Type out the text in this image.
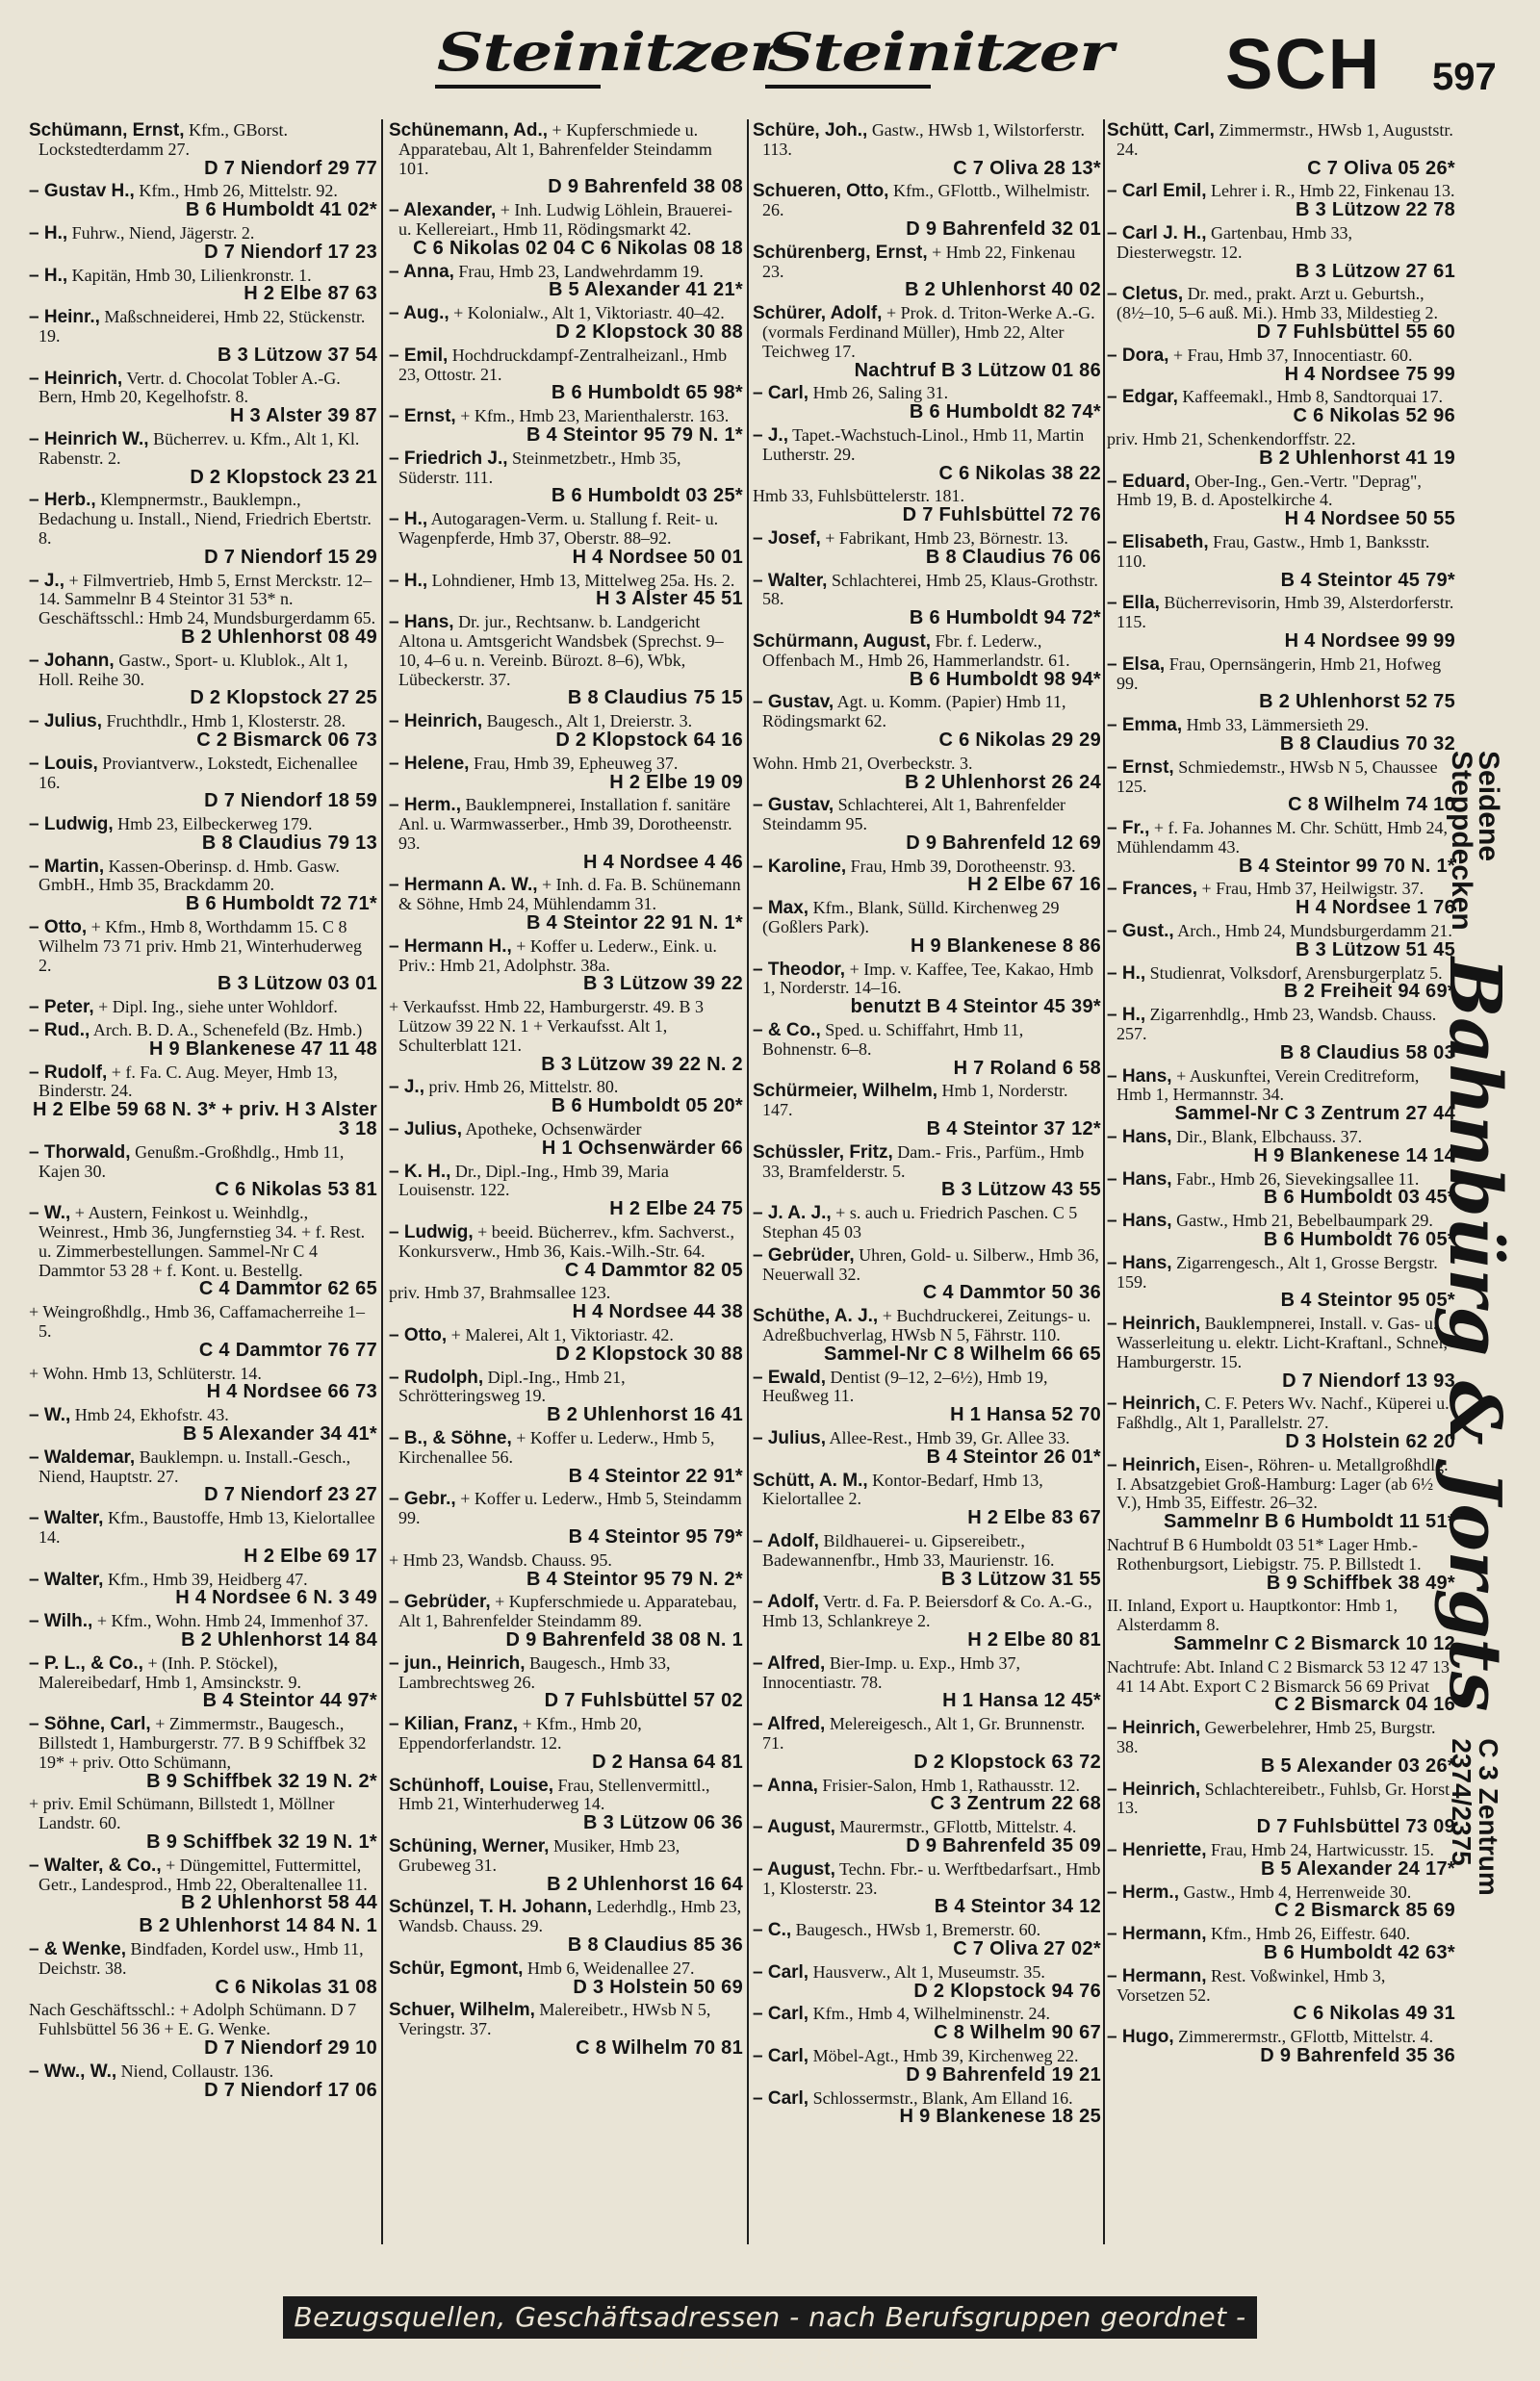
Steinitzer
Steinitzer SCH 597
Schümann, Ernst, Kfm., GBorst. Lockstedterdamm 27.
D 7 Niendorf 29 77
– Gustav H., Kfm., Hmb 26, Mittelstr. 92.
B 6 Humboldt 41 02*
– H., Fuhrw., Niend, Jägerstr. 2.
D 7 Niendorf 17 23
– H., Kapitän, Hmb 30, Lilienkronstr. 1.
H 2 Elbe 87 63
– Heinr., Maßschneiderei, Hmb 22, Stückenstr. 19.
B 3 Lützow 37 54
– Heinrich, Vertr. d. Chocolat Tobler A.-G. Bern, Hmb 20, Kegelhofstr. 8.
H 3 Alster 39 87
– Heinrich W., Bücherrev. u. Kfm., Alt 1, Kl. Rabenstr. 2.
D 2 Klopstock 23 21
– Herb., Klempnermstr., Bauklempn., Bedachung u. Install., Niend, Friedrich Ebertstr. 8.
D 7 Niendorf 15 29
– J., + Filmvertrieb, Hmb 5, Ernst Merckstr. 12–14. Sammelnr B 4 Steintor 31 53* n. Geschäftsschl.: Hmb 24, Mundsburgerdamm 65.
B 2 Uhlenhorst 08 49
– Johann, Gastw., Sport- u. Klublok., Alt 1, Holl. Reihe 30.
D 2 Klopstock 27 25
– Julius, Fruchthdlr., Hmb 1, Klosterstr. 28.
C 2 Bismarck 06 73
– Louis, Proviantverw., Lokstedt, Eichenallee 16.
D 7 Niendorf 18 59
– Ludwig, Hmb 23, Eilbeckerweg 179.
B 8 Claudius 79 13
– Martin, Kassen-Oberinsp. d. Hmb. Gasw. GmbH., Hmb 35, Brackdamm 20.
B 6 Humboldt 72 71*
– Otto, + Kfm., Hmb 8, Worthdamm 15. C 8 Wilhelm 73 71 priv. Hmb 21, Winterhuderweg 2.
B 3 Lützow 03 01
– Peter, + Dipl. Ing., siehe unter Wohldorf.
– Rud., Arch. B. D. A., Schenefeld (Bz. Hmb.)
H 9 Blankenese 47 11 48
– Rudolf, + f. Fa. C. Aug. Meyer, Hmb 13, Binderstr. 24.
H 2 Elbe 59 68 N. 3* + priv. H 3 Alster 3 18
– Thorwald, Genußm.-Großhdlg., Hmb 11, Kajen 30.
C 6 Nikolas 53 81
– W., + Austern, Feinkost u. Weinhdlg., Weinrest., Hmb 36, Jungfernstieg 34. + f. Rest. u. Zimmerbestellungen. Sammel-Nr C 4 Dammtor 53 28 + f. Kont. u. Bestellg.
C 4 Dammtor 62 65
+ Weingroßhdlg., Hmb 36, Caffamacherreihe 1–5.
C 4 Dammtor 76 77
+ Wohn. Hmb 13, Schlüterstr. 14.
H 4 Nordsee 66 73
– W., Hmb 24, Ekhofstr. 43.
B 5 Alexander 34 41*
– Waldemar, Bauklempn. u. Install.-Gesch., Niend, Hauptstr. 27.
D 7 Niendorf 23 27
– Walter, Kfm., Baustoffe, Hmb 13, Kielortallee 14.
H 2 Elbe 69 17
– Walter, Kfm., Hmb 39, Heidberg 47.
H 4 Nordsee 6 N. 3 49
– Wilh., + Kfm., Wohn. Hmb 24, Immenhof 37.
B 2 Uhlenhorst 14 84
– P. L., & Co., + (Inh. P. Stöckel), Malereibedarf, Hmb 1, Amsinckstr. 9.
B 4 Steintor 44 97*
– Söhne, Carl, + Zimmermstr., Baugesch., Billstedt 1, Hamburgerstr. 77. B 9 Schiffbek 32 19* + priv. Otto Schümann,
B 9 Schiffbek 32 19 N. 2*
+ priv. Emil Schümann, Billstedt 1, Möllner Landstr. 60.
B 9 Schiffbek 32 19 N. 1*
– Walter, & Co., + Düngemittel, Futtermittel, Getr., Landesprod., Hmb 22, Oberaltenallee 11.
B 2 Uhlenhorst 58 44
B 2 Uhlenhorst 14 84 N. 1
– & Wenke, Bindfaden, Kordel usw., Hmb 11, Deichstr. 38.
C 6 Nikolas 31 08
Nach Geschäftsschl.: + Adolph Schümann. D 7 Fuhlsbüttel 56 36 + E. G. Wenke.
D 7 Niendorf 29 10
– Ww., W., Niend, Collaustr. 136.
D 7 Niendorf 17 06
Schünemann, Ad., + Kupferschmiede u. Apparatebau, Alt 1, Bahrenfelder Steindamm 101.
D 9 Bahrenfeld 38 08
– Alexander, + Inh. Ludwig Löhlein, Brauerei- u. Kellereiart., Hmb 11, Rödingsmarkt 42.
C 6 Nikolas 02 04 C 6 Nikolas 08 18
– Anna, Frau, Hmb 23, Landwehrdamm 19.
B 5 Alexander 41 21*
– Aug., + Kolonialw., Alt 1, Viktoriastr. 40–42.
D 2 Klopstock 30 88
– Emil, Hochdruckdampf-Zentralheizanl., Hmb 23, Ottostr. 21.
B 6 Humboldt 65 98*
– Ernst, + Kfm., Hmb 23, Marienthalerstr. 163.
B 4 Steintor 95 79 N. 1*
– Friedrich J., Steinmetzbetr., Hmb 35, Süderstr. 111.
B 6 Humboldt 03 25*
– H., Autogaragen-Verm. u. Stallung f. Reit- u. Wagenpferde, Hmb 37, Oberstr. 88–92.
H 4 Nordsee 50 01
– H., Lohndiener, Hmb 13, Mittelweg 25a. Hs. 2.
H 3 Alster 45 51
– Hans, Dr. jur., Rechtsanw. b. Landgericht Altona u. Amtsgericht Wandsbek (Sprechst. 9–10, 4–6 u. n. Vereinb. Bürozt. 8–6), Wbk, Lübeckerstr. 37.
B 8 Claudius 75 15
– Heinrich, Baugesch., Alt 1, Dreierstr. 3.
D 2 Klopstock 64 16
– Helene, Frau, Hmb 39, Epheuweg 37.
H 2 Elbe 19 09
– Herm., Bauklempnerei, Installation f. sanitäre Anl. u. Warmwasserber., Hmb 39, Dorotheenstr. 93.
H 4 Nordsee 4 46
– Hermann A. W., + Inh. d. Fa. B. Schünemann & Söhne, Hmb 24, Mühlendamm 31.
B 4 Steintor 22 91 N. 1*
– Hermann H., + Koffer u. Lederw., Eink. u. Priv.: Hmb 21, Adolphstr. 38a.
B 3 Lützow 39 22
+ Verkaufsst. Hmb 22, Hamburgerstr. 49. B 3 Lützow 39 22 N. 1 + Verkaufsst. Alt 1, Schulterblatt 121.
B 3 Lützow 39 22 N. 2
– J., priv. Hmb 26, Mittelstr. 80.
B 6 Humboldt 05 20*
– Julius, Apotheke, Ochsenwärder
H 1 Ochsenwärder 66
– K. H., Dr., Dipl.-Ing., Hmb 39, Maria Louisenstr. 122.
H 2 Elbe 24 75
– Ludwig, + beeid. Bücherrev., kfm. Sachverst., Konkursverw., Hmb 36, Kais.-Wilh.-Str. 64.
C 4 Dammtor 82 05
priv. Hmb 37, Brahmsallee 123.
H 4 Nordsee 44 38
– Otto, + Malerei, Alt 1, Viktoriastr. 42.
D 2 Klopstock 30 88
– Rudolph, Dipl.-Ing., Hmb 21, Schrötteringsweg 19.
B 2 Uhlenhorst 16 41
– B., & Söhne, + Koffer u. Lederw., Hmb 5, Kirchenallee 56.
B 4 Steintor 22 91*
– Gebr., + Koffer u. Lederw., Hmb 5, Steindamm 99.
B 4 Steintor 95 79*
+ Hmb 23, Wandsb. Chauss. 95.
B 4 Steintor 95 79 N. 2*
– Gebrüder, + Kupferschmiede u. Apparatebau, Alt 1, Bahrenfelder Steindamm 89.
D 9 Bahrenfeld 38 08 N. 1
– jun., Heinrich, Baugesch., Hmb 33, Lambrechtsweg 26.
D 7 Fuhlsbüttel 57 02
– Kilian, Franz, + Kfm., Hmb 20, Eppendorferlandstr. 12.
D 2 Hansa 64 81
Schünhoff, Louise, Frau, Stellenvermittl., Hmb 21, Winterhuderweg 14.
B 3 Lützow 06 36
Schüning, Werner, Musiker, Hmb 23, Grubeweg 31.
B 2 Uhlenhorst 16 64
Schünzel, T. H. Johann, Lederhdlg., Hmb 23, Wandsb. Chauss. 29.
B 8 Claudius 85 36
Schür, Egmont, Hmb 6, Weidenallee 27.
D 3 Holstein 50 69
Schuer, Wilhelm, Malereibetr., HWsb N 5, Veringstr. 37.
C 8 Wilhelm 70 81
Schüre, Joh., Gastw., HWsb 1, Wilstorferstr. 113.
C 7 Oliva 28 13*
Schueren, Otto, Kfm., GFlottb., Wilhelmistr. 26.
D 9 Bahrenfeld 32 01
Schürenberg, Ernst, + Hmb 22, Finkenau 23.
B 2 Uhlenhorst 40 02
Schürer, Adolf, + Prok. d. Triton-Werke A.-G. (vormals Ferdinand Müller), Hmb 22, Alter Teichweg 17.
Nachtruf B 3 Lützow 01 86
– Carl, Hmb 26, Saling 31.
B 6 Humboldt 82 74*
– J., Tapet.-Wachstuch-Linol., Hmb 11, Martin Lutherstr. 29.
C 6 Nikolas 38 22
Hmb 33, Fuhlsbüttelerstr. 181.
D 7 Fuhlsbüttel 72 76
– Josef, + Fabrikant, Hmb 23, Börnestr. 13.
B 8 Claudius 76 06
– Walter, Schlachterei, Hmb 25, Klaus-Grothstr. 58.
B 6 Humboldt 94 72*
Schürmann, August, Fbr. f. Lederw., Offenbach M., Hmb 26, Hammerlandstr. 61.
B 6 Humboldt 98 94*
– Gustav, Agt. u. Komm. (Papier) Hmb 11, Rödingsmarkt 62.
C 6 Nikolas 29 29
Wohn. Hmb 21, Overbeckstr. 3.
B 2 Uhlenhorst 26 24
– Gustav, Schlachterei, Alt 1, Bahrenfelder Steindamm 95.
D 9 Bahrenfeld 12 69
– Karoline, Frau, Hmb 39, Dorotheenstr. 93.
H 2 Elbe 67 16
– Max, Kfm., Blank, Sülld. Kirchenweg 29 (Goßlers Park).
H 9 Blankenese 8 86
– Theodor, + Imp. v. Kaffee, Tee, Kakao, Hmb 1, Norderstr. 14–16.
benutzt B 4 Steintor 45 39*
– & Co., Sped. u. Schiffahrt, Hmb 11, Bohnenstr. 6–8.
H 7 Roland 6 58
Schürmeier, Wilhelm, Hmb 1, Norderstr. 147.
B 4 Steintor 37 12*
Schüssler, Fritz, Dam.- Fris., Parfüm., Hmb 33, Bramfelderstr. 5.
B 3 Lützow 43 55
– J. A. J., + s. auch u. Friedrich Paschen. C 5 Stephan 45 03
– Gebrüder, Uhren, Gold- u. Silberw., Hmb 36, Neuerwall 32.
C 4 Dammtor 50 36
Schüthe, A. J., + Buchdruckerei, Zeitungs- u. Adreßbuchverlag, HWsb N 5, Fährstr. 110.
Sammel-Nr C 8 Wilhelm 66 65
– Ewald, Dentist (9–12, 2–6½), Hmb 19, Heußweg 11.
H 1 Hansa 52 70
– Julius, Allee-Rest., Hmb 39, Gr. Allee 33.
B 4 Steintor 26 01*
Schütt, A. M., Kontor-Bedarf, Hmb 13, Kielortallee 2.
H 2 Elbe 83 67
– Adolf, Bildhauerei- u. Gipsereibetr., Badewannenfbr., Hmb 33, Maurienstr. 16.
B 3 Lützow 31 55
– Adolf, Vertr. d. Fa. P. Beiersdorf & Co. A.-G., Hmb 13, Schlankreye 2.
H 2 Elbe 80 81
– Alfred, Bier-Imp. u. Exp., Hmb 37, Innocentiastr. 78.
H 1 Hansa 12 45*
– Alfred, Melereigesch., Alt 1, Gr. Brunnenstr. 71.
D 2 Klopstock 63 72
– Anna, Frisier-Salon, Hmb 1, Rathausstr. 12.
C 3 Zentrum 22 68
– August, Maurermstr., GFlottb, Mittelstr. 4.
D 9 Bahrenfeld 35 09
– August, Techn. Fbr.- u. Werftbedarfsart., Hmb 1, Klosterstr. 23.
B 4 Steintor 34 12
– C., Baugesch., HWsb 1, Bremerstr. 60.
C 7 Oliva 27 02*
– Carl, Hausverw., Alt 1, Museumstr. 35.
D 2 Klopstock 94 76
– Carl, Kfm., Hmb 4, Wilhelminenstr. 24.
C 8 Wilhelm 90 67
– Carl, Möbel-Agt., Hmb 39, Kirchenweg 22.
D 9 Bahrenfeld 19 21
– Carl, Schlossermstr., Blank, Am Elland 16.
H 9 Blankenese 18 25
Schütt, Carl, Zimmermstr., HWsb 1, Auguststr. 24.
C 7 Oliva 05 26*
– Carl Emil, Lehrer i. R., Hmb 22, Finkenau 13.
B 3 Lützow 22 78
– Carl J. H., Gartenbau, Hmb 33, Diesterwegstr. 12.
B 3 Lützow 27 61
– Cletus, Dr. med., prakt. Arzt u. Geburtsh., (8½–10, 5–6 auß. Mi.). Hmb 33, Mildestieg 2.
D 7 Fuhlsbüttel 55 60
– Dora, + Frau, Hmb 37, Innocentiastr. 60.
H 4 Nordsee 75 99
– Edgar, Kaffeemakl., Hmb 8, Sandtorquai 17.
C 6 Nikolas 52 96
priv. Hmb 21, Schenkendorffstr. 22.
B 2 Uhlenhorst 41 19
– Eduard, Ober-Ing., Gen.-Vertr. "Deprag", Hmb 19, B. d. Apostelkirche 4.
H 4 Nordsee 50 55
– Elisabeth, Frau, Gastw., Hmb 1, Banksstr. 110.
B 4 Steintor 45 79*
– Ella, Bücherrevisorin, Hmb 39, Alsterdorferstr. 115.
H 4 Nordsee 99 99
– Elsa, Frau, Opernsängerin, Hmb 21, Hofweg 99.
B 2 Uhlenhorst 52 75
– Emma, Hmb 33, Lämmersieth 29.
B 8 Claudius 70 32
– Ernst, Schmiedemstr., HWsb N 5, Chaussee 125.
C 8 Wilhelm 74 10
– Fr., + f. Fa. Johannes M. Chr. Schütt, Hmb 24, Mühlendamm 43.
B 4 Steintor 99 70 N. 1*
– Frances, + Frau, Hmb 37, Heilwigstr. 37.
H 4 Nordsee 1 76
– Gust., Arch., Hmb 24, Mundsburgerdamm 21.
B 3 Lützow 51 45
– H., Studienrat, Volksdorf, Arensburgerplatz 5.
B 2 Freiheit 94 69*
– H., Zigarrenhdlg., Hmb 23, Wandsb. Chauss. 257.
B 8 Claudius 58 03
– Hans, + Auskunftei, Verein Creditreform, Hmb 1, Hermannstr. 34.
Sammel-Nr C 3 Zentrum 27 44
– Hans, Dir., Blank, Elbchauss. 37.
H 9 Blankenese 14 14
– Hans, Fabr., Hmb 26, Sievekingsallee 11.
B 6 Humboldt 03 45*
– Hans, Gastw., Hmb 21, Bebelbaumpark 29.
B 6 Humboldt 76 05*
– Hans, Zigarrengesch., Alt 1, Grosse Bergstr. 159.
B 4 Steintor 95 05*
– Heinrich, Bauklempnerei, Install. v. Gas- u. Wasserleitung u. elektr. Licht-Kraftanl., Schnel, Hamburgerstr. 15.
D 7 Niendorf 13 93
– Heinrich, C. F. Peters Wv. Nachf., Küperei u. Faßhdlg., Alt 1, Parallelstr. 27.
D 3 Holstein 62 20
– Heinrich, Eisen-, Röhren- u. Metallgroßhdlg. I. Absatzgebiet Groß-Hamburg: Lager (ab 6½ V.), Hmb 35, Eiffestr. 26–32.
Sammelnr B 6 Humboldt 11 51*
Nachtruf B 6 Humboldt 03 51* Lager Hmb.-Rothenburgsort, Liebigstr. 75. P. Billstedt 1.
B 9 Schiffbek 38 49*
II. Inland, Export u. Hauptkontor: Hmb 1, Alsterdamm 8.
Sammelnr C 2 Bismarck 10 12
Nachtrufe: Abt. Inland C 2 Bismarck 53 12 47 13 41 14 Abt. Export C 2 Bismarck 56 69 Privat
C 2 Bismarck 04 16
– Heinrich, Gewerbelehrer, Hmb 25, Burgstr. 38.
B 5 Alexander 03 26*
– Heinrich, Schlachtereibetr., Fuhlsb, Gr. Horst 13.
D 7 Fuhlsbüttel 73 09
– Henriette, Frau, Hmb 24, Hartwicusstr. 15.
B 5 Alexander 24 17*
– Herm., Gastw., Hmb 4, Herrenweide 30.
C 2 Bismarck 85 69
– Hermann, Kfm., Hmb 26, Eiffestr. 640.
B 6 Humboldt 42 63*
– Hermann, Rest. Voßwinkel, Hmb 3, Vorsetzen 52.
C 6 Nikolas 49 31
– Hugo, Zimmerermstr., GFlottb, Mittelstr. 4.
D 9 Bahrenfeld 35 36
Seidene
Steppdecken
Bahnbürg & Jorgts
C 3 Zentrum
2374/2375
Bezugsquellen, Geschäftsadressen - nach Berufsgruppen geordnet - am Ende des Buches
